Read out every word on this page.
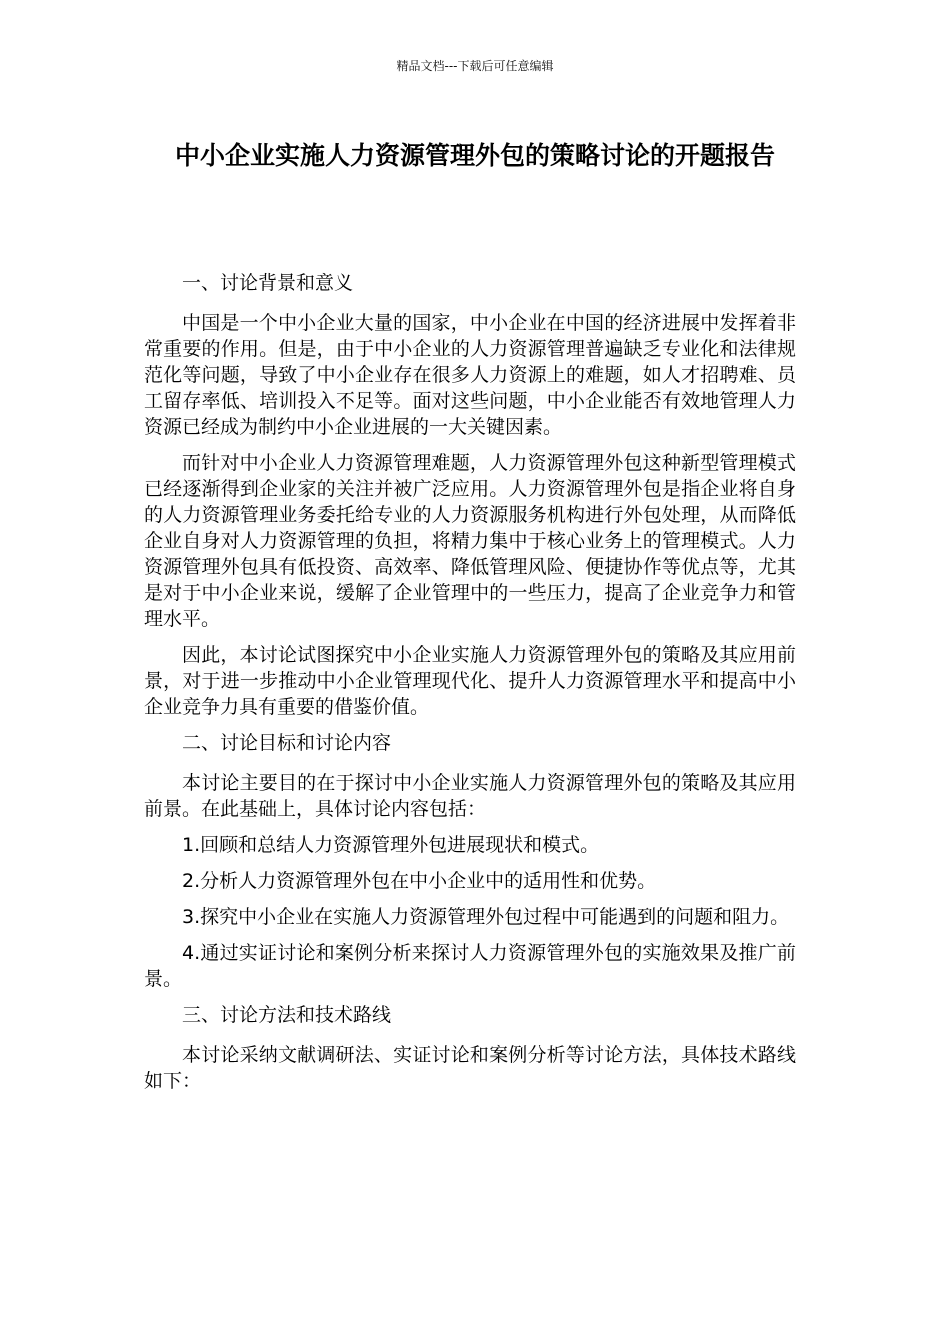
精品文档---下载后可任意编辑
中小企业实施人力资源管理外包的策略讨论的开题报告

一、讨论背景和意义

中国是一个中小企业大量的国家，中小企业在中国的经济进展中发挥着非常重要的作用。但是，由于中小企业的人力资源管理普遍缺乏专业化和法律规范化等问题，导致了中小企业存在很多人力资源上的难题，如人才招聘难、员工留存率低、培训投入不足等。面对这些问题，中小企业能否有效地管理人力资源已经成为制约中小企业进展的一大关键因素。

而针对中小企业人力资源管理难题，人力资源管理外包这种新型管理模式已经逐渐得到企业家的关注并被广泛应用。人力资源管理外包是指企业将自身的人力资源管理业务委托给专业的人力资源服务机构进行外包处理，从而降低企业自身对人力资源管理的负担，将精力集中于核心业务上的管理模式。人力资源管理外包具有低投资、高效率、降低管理风险、便捷协作等优点等，尤其是对于中小企业来说，缓解了企业管理中的一些压力，提高了企业竞争力和管理水平。

因此，本讨论试图探究中小企业实施人力资源管理外包的策略及其应用前景，对于进一步推动中小企业管理现代化、提升人力资源管理水平和提高中小企业竞争力具有重要的借鉴价值。

二、讨论目标和讨论内容

本讨论主要目的在于探讨中小企业实施人力资源管理外包的策略及其应用前景。在此基础上，具体讨论内容包括：

1.回顾和总结人力资源管理外包进展现状和模式。

2.分析人力资源管理外包在中小企业中的适用性和优势。

3.探究中小企业在实施人力资源管理外包过程中可能遇到的问题和阻力。

4.通过实证讨论和案例分析来探讨人力资源管理外包的实施效果及推广前景。

三、讨论方法和技术路线

本讨论采纳文献调研法、实证讨论和案例分析等讨论方法，具体技术路线如下：
